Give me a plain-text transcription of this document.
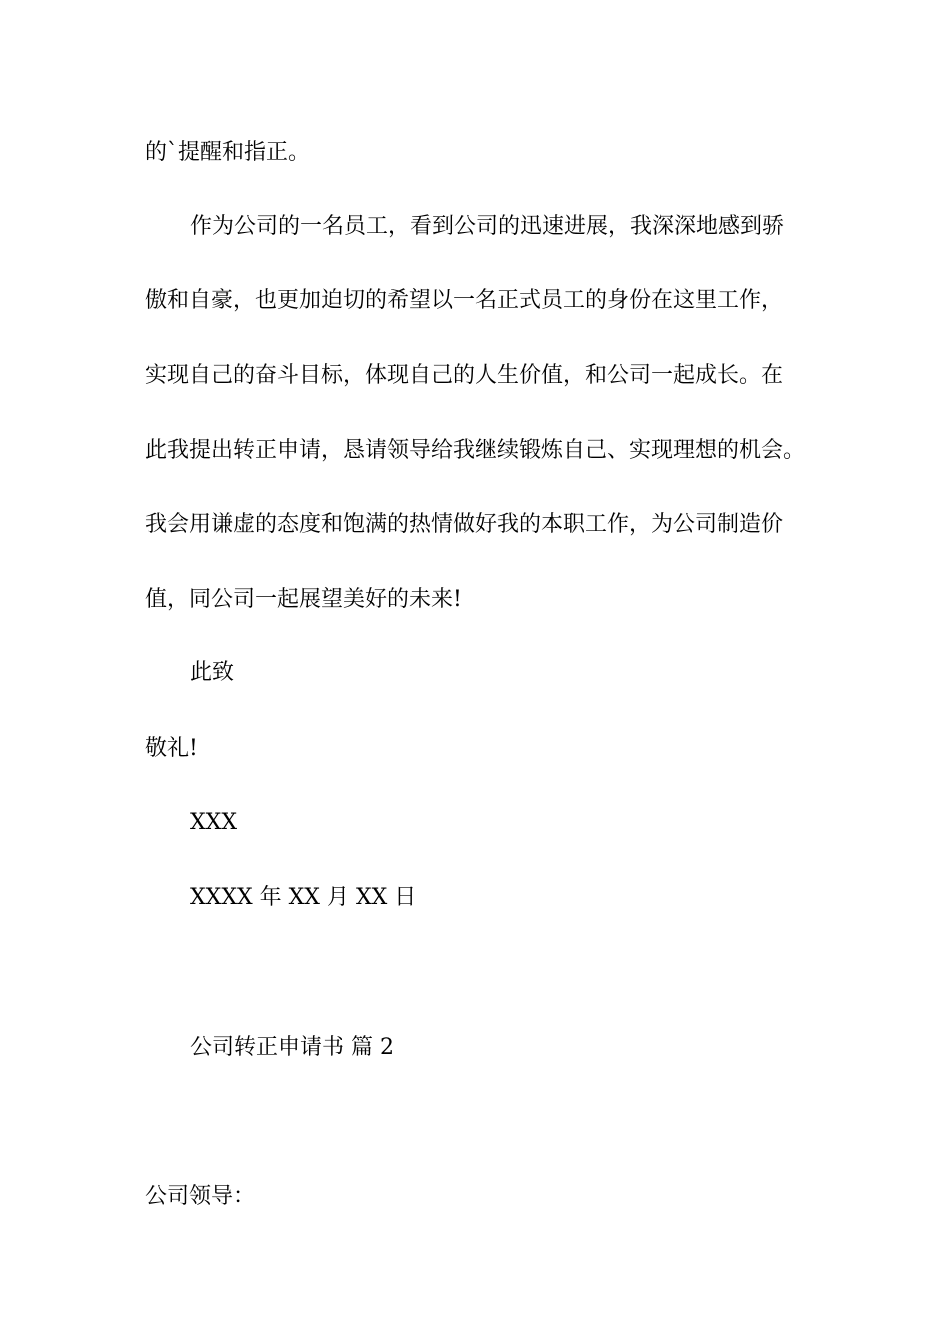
的`提醒和指正。

作为公司的一名员工，看到公司的迅速进展，我深深地感到骄

傲和自豪，也更加迫切的希望以一名正式员工的身份在这里工作，

实现自己的奋斗目标，体现自己的人生价值，和公司一起成长。在

此我提出转正申请，恳请领导给我继续锻炼自己、实现理想的机会。

我会用谦虚的态度和饱满的热情做好我的本职工作，为公司制造价

值，同公司一起展望美好的未来!

此致

敬礼!

XXX

XXXX 年 XX 月 XX 日

公司转正申请书 篇 2

公司领导：
